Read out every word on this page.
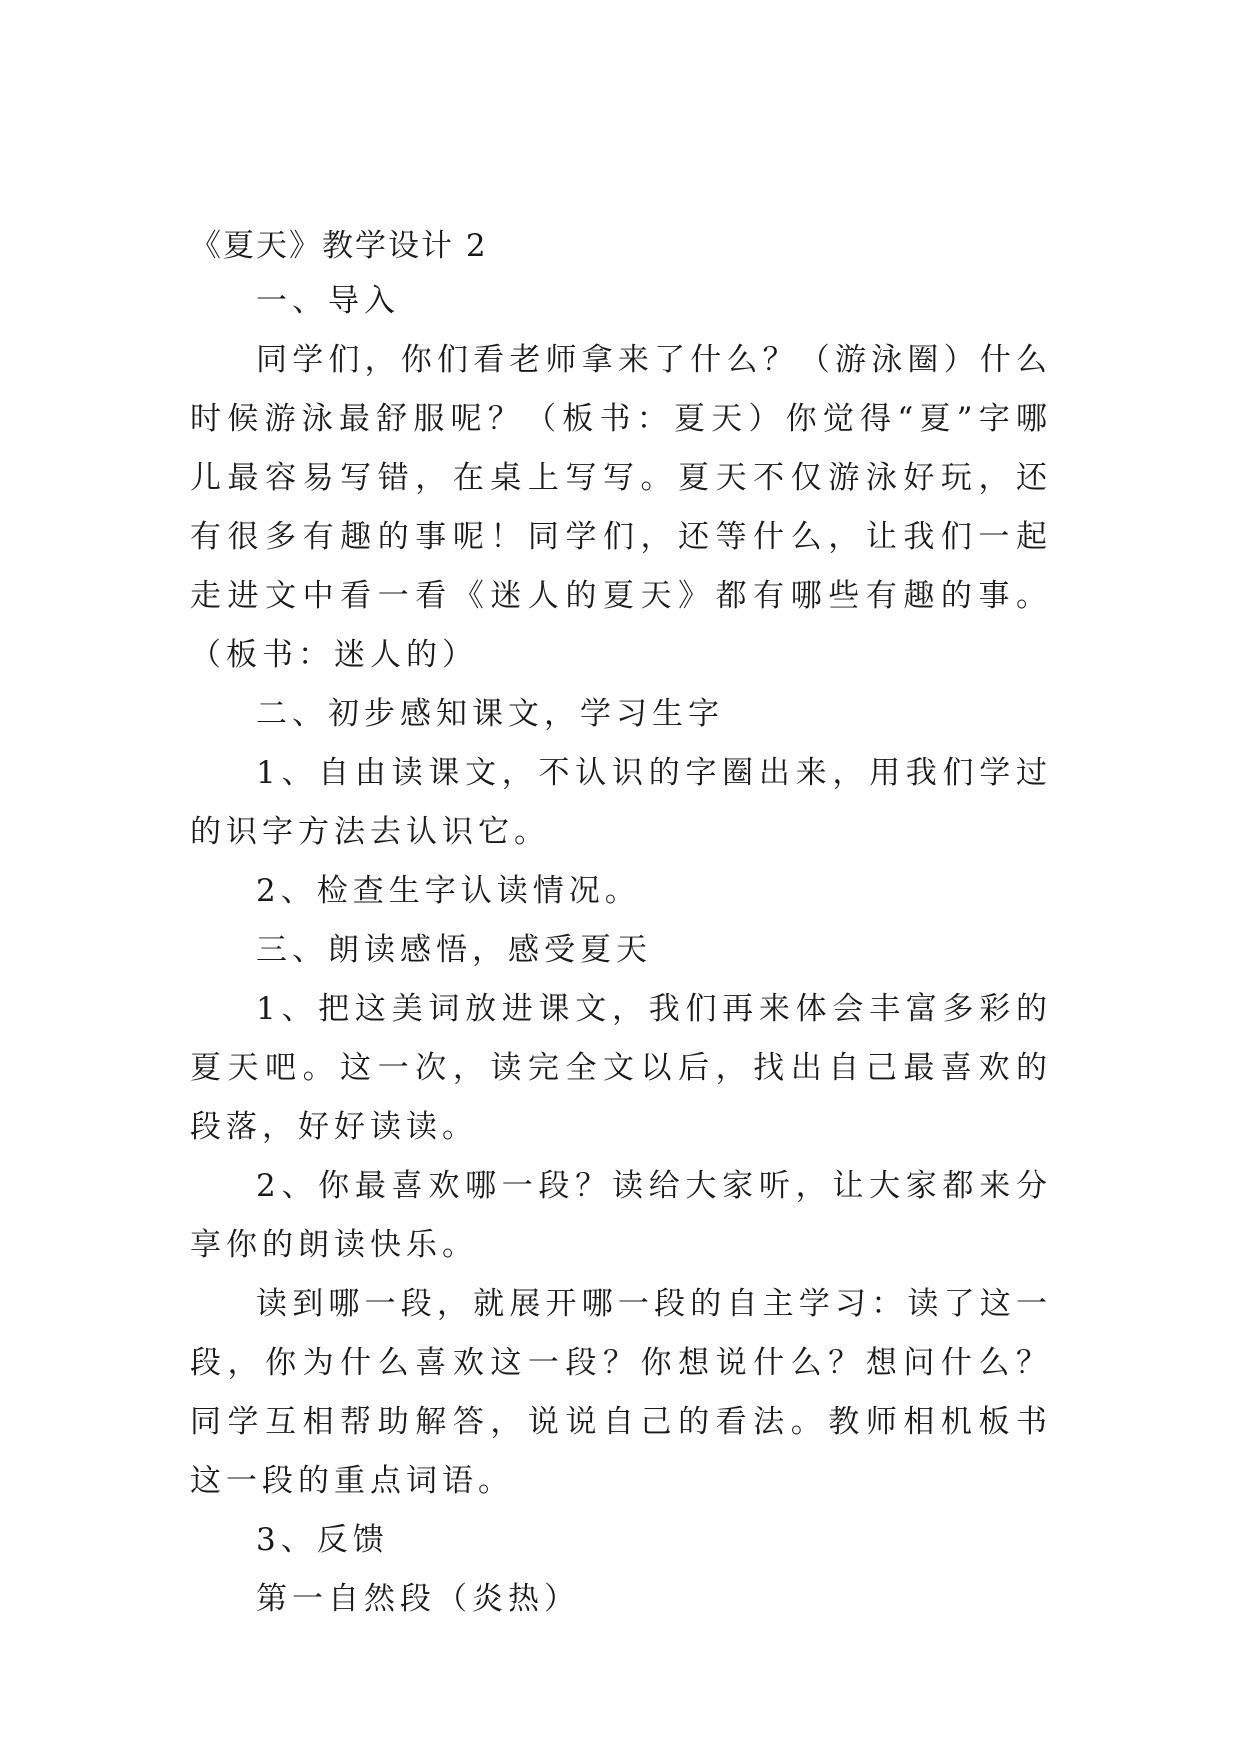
《夏天》教学设计 2

一、导入

同学们，你们看老师拿来了什么？（游泳圈）什么时候游泳最舒服呢？（板书：夏天）你觉得“夏”字哪儿最容易写错，在桌上写写。夏天不仅游泳好玩，还有很多有趣的事呢！同学们，还等什么，让我们一起走进文中看一看《迷人的夏天》都有哪些有趣的事。（板书：迷人的）

二、初步感知课文，学习生字

1、自由读课文，不认识的字圈出来，用我们学过的识字方法去认识它。

2、检查生字认读情况。

三、朗读感悟，感受夏天

1、把这美词放进课文，我们再来体会丰富多彩的夏天吧。这一次，读完全文以后，找出自己最喜欢的段落，好好读读。

2、你最喜欢哪一段？读给大家听，让大家都来分享你的朗读快乐。

读到哪一段，就展开哪一段的自主学习：读了这一段，你为什么喜欢这一段？你想说什么？想问什么？同学互相帮助解答，说说自己的看法。教师相机板书这一段的重点词语。

3、反馈

第一自然段（炎热）
